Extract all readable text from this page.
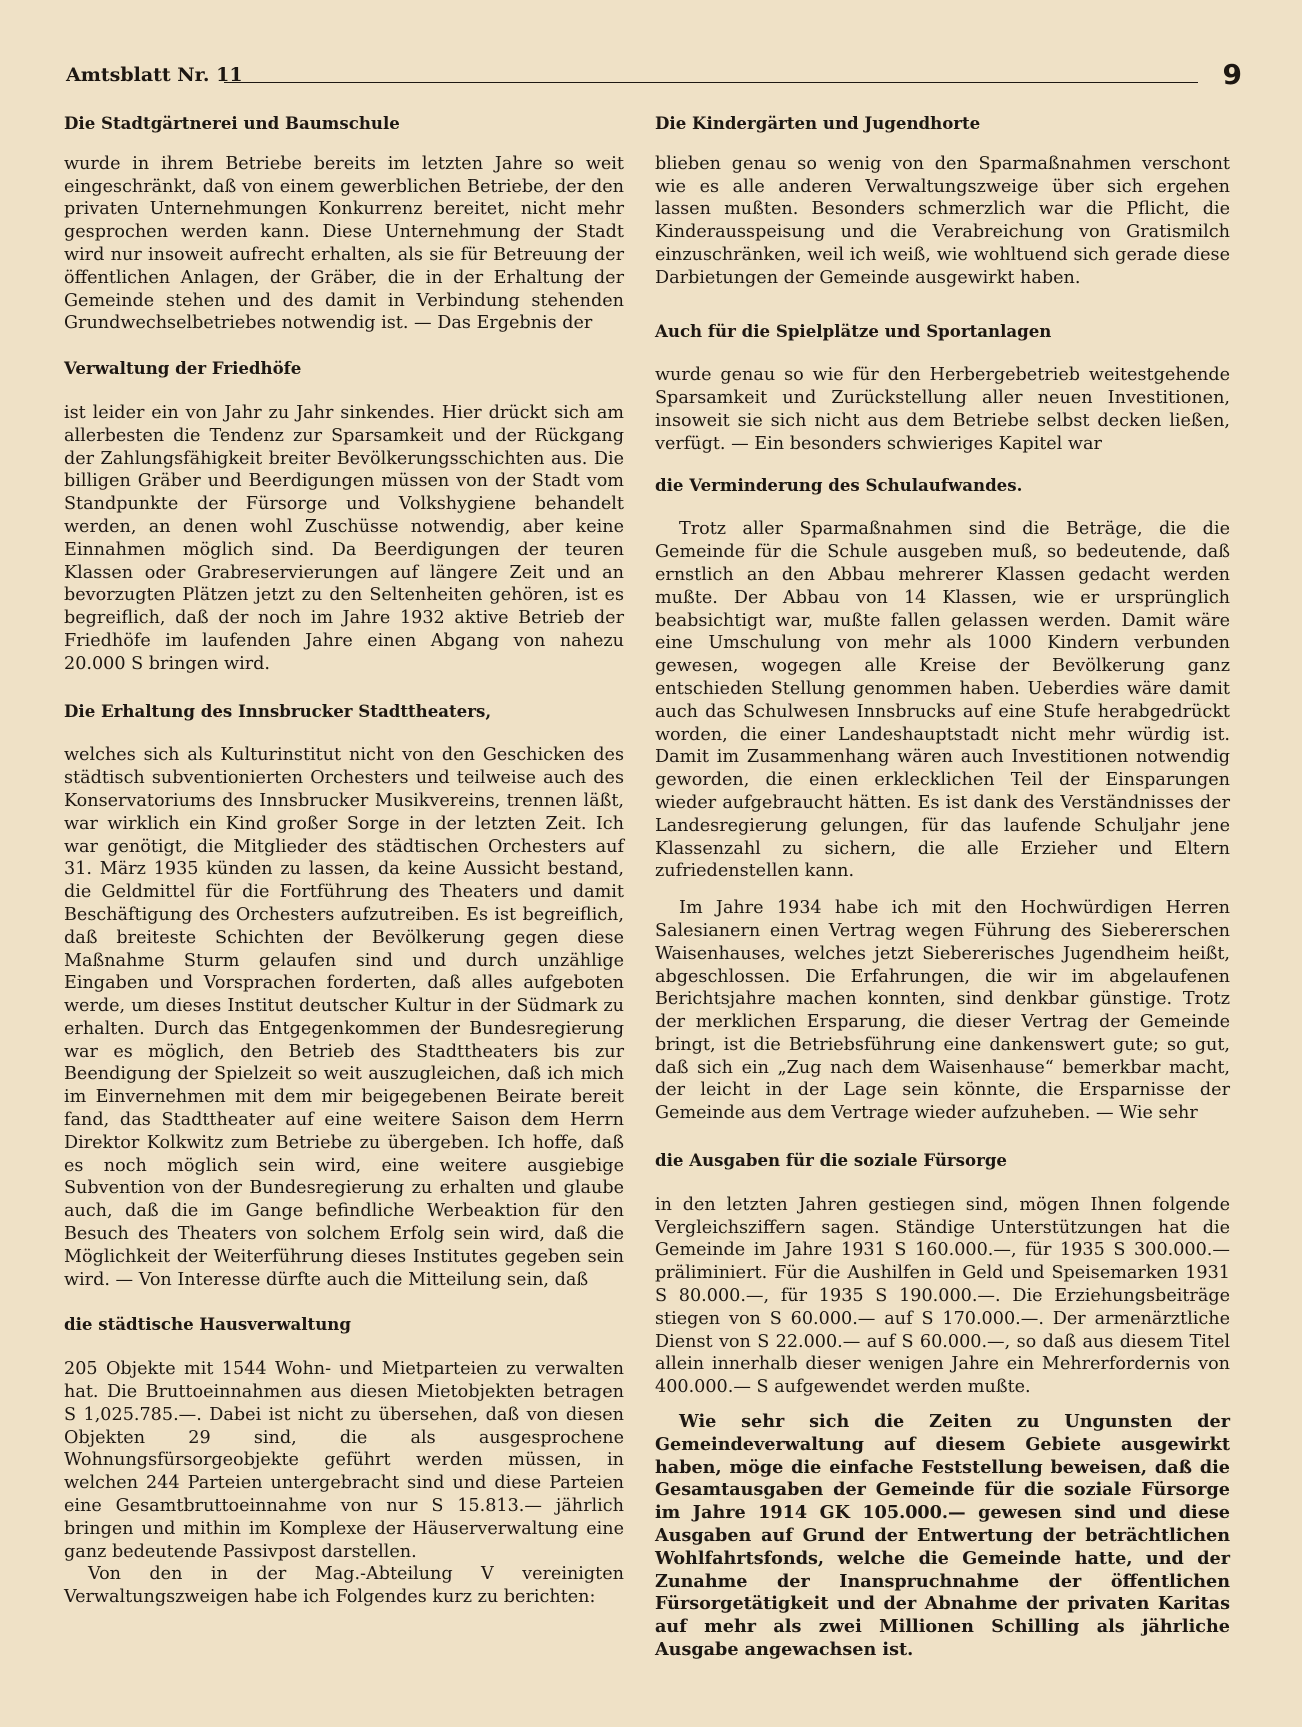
Amtsblatt Nr. 11	9

Die Stadtgärtnerei und Baumschule

wurde in ihrem Betriebe bereits im letzten Jahre so weit eingeschränkt, daß von einem gewerblichen Betriebe, der den privaten Unternehmungen Konkurrenz bereitet, nicht mehr gesprochen werden kann. Diese Unternehmung der Stadt wird nur insoweit aufrecht erhalten, als sie für Betreuung der öffentlichen Anlagen, der Gräber, die in der Erhaltung der Gemeinde stehen und des damit in Verbindung stehenden Grundwechselbetriebes notwendig ist. — Das Ergebnis der

Verwaltung der Friedhöfe

ist leider ein von Jahr zu Jahr sinkendes. Hier drückt sich am allerbesten die Tendenz zur Sparsamkeit und der Rückgang der Zahlungsfähigkeit breiter Bevölkerungsschichten aus. Die billigen Gräber und Beerdigungen müssen von der Stadt vom Standpunkte der Fürsorge und Volkshygiene behandelt werden, an denen wohl Zuschüsse notwendig, aber keine Einnahmen möglich sind. Da Beerdigungen der teuren Klassen oder Grabreservierungen auf längere Zeit und an bevorzugten Plätzen jetzt zu den Seltenheiten gehören, ist es begreiflich, daß der noch im Jahre 1932 aktive Betrieb der Friedhöfe im laufenden Jahre einen Abgang von nahezu 20.000 S bringen wird.

Die Erhaltung des Innsbrucker Stadttheaters,

welches sich als Kulturinstitut nicht von den Geschicken des städtisch subventionierten Orchesters und teilweise auch des Konservatoriums des Innsbrucker Musikvereins, trennen läßt, war wirklich ein Kind großer Sorge in der letzten Zeit. Ich war genötigt, die Mitglieder des städtischen Orchesters auf 31. März 1935 künden zu lassen, da keine Aussicht bestand, die Geldmittel für die Fortführung des Theaters und damit Beschäftigung des Orchesters aufzutreiben. Es ist begreiflich, daß breiteste Schichten der Bevölkerung gegen diese Maßnahme Sturm gelaufen sind und durch unzählige Eingaben und Vorsprachen forderten, daß alles aufgeboten werde, um dieses Institut deutscher Kultur in der Südmark zu erhalten. Durch das Entgegenkommen der Bundesregierung war es möglich, den Betrieb des Stadttheaters bis zur Beendigung der Spielzeit so weit auszugleichen, daß ich mich im Einvernehmen mit dem mir beigegebenen Beirate bereit fand, das Stadttheater auf eine weitere Saison dem Herrn Direktor Kolkwitz zum Betriebe zu übergeben. Ich hoffe, daß es noch möglich sein wird, eine weitere ausgiebige Subvention von der Bundesregierung zu erhalten und glaube auch, daß die im Gange befindliche Werbeaktion für den Besuch des Theaters von solchem Erfolg sein wird, daß die Möglichkeit der Weiterführung dieses Institutes gegeben sein wird. — Von Interesse dürfte auch die Mitteilung sein, daß

die städtische Hausverwaltung

205 Objekte mit 1544 Wohn- und Mietparteien zu verwalten hat. Die Bruttoeinnahmen aus diesen Mietobjekten betragen S 1,025.785.—. Dabei ist nicht zu übersehen, daß von diesen Objekten 29 sind, die als ausgesprochene Wohnungsfürsorgeobjekte geführt werden müssen, in welchen 244 Parteien untergebracht sind und diese Parteien eine Gesamtbruttoeinnahme von nur S 15.813.— jährlich bringen und mithin im Komplexe der Häuserverwaltung eine ganz bedeutende Passivpost darstellen.

Von den in der Mag.-Abteilung V vereinigten Verwaltungszweigen habe ich Folgendes kurz zu berichten:

Die Kindergärten und Jugendhorte

blieben genau so wenig von den Sparmaßnahmen verschont wie es alle anderen Verwaltungszweige über sich ergehen lassen mußten. Besonders schmerzlich war die Pflicht, die Kinderausspeisung und die Verabreichung von Gratismilch einzuschränken, weil ich weiß, wie wohltuend sich gerade diese Darbietungen der Gemeinde ausgewirkt haben.

Auch für die Spielplätze und Sportanlagen

wurde genau so wie für den Herbergebetrieb weitestgehende Sparsamkeit und Zurückstellung aller neuen Investitionen, insoweit sie sich nicht aus dem Betriebe selbst decken ließen, verfügt. — Ein besonders schwieriges Kapitel war

die Verminderung des Schulaufwandes.

Trotz aller Sparmaßnahmen sind die Beträge, die die Gemeinde für die Schule ausgeben muß, so bedeutende, daß ernstlich an den Abbau mehrerer Klassen gedacht werden mußte. Der Abbau von 14 Klassen, wie er ursprünglich beabsichtigt war, mußte fallen gelassen werden. Damit wäre eine Umschulung von mehr als 1000 Kindern verbunden gewesen, wogegen alle Kreise der Bevölkerung ganz entschieden Stellung genommen haben. Ueberdies wäre damit auch das Schulwesen Innsbrucks auf eine Stufe herabgedrückt worden, die einer Landeshauptstadt nicht mehr würdig ist. Damit im Zusammenhang wären auch Investitionen notwendig geworden, die einen erklecklichen Teil der Einsparungen wieder aufgebraucht hätten. Es ist dank des Verständnisses der Landesregierung gelungen, für das laufende Schuljahr jene Klassenzahl zu sichern, die alle Erzieher und Eltern zufriedenstellen kann.

Im Jahre 1934 habe ich mit den Hochwürdigen Herren Salesianern einen Vertrag wegen Führung des Siebererschen Waisenhauses, welches jetzt Siebererisches Jugendheim heißt, abgeschlossen. Die Erfahrungen, die wir im abgelaufenen Berichtsjahre machen konnten, sind denkbar günstige. Trotz der merklichen Ersparung, die dieser Vertrag der Gemeinde bringt, ist die Betriebsführung eine dankenswert gute; so gut, daß sich ein „Zug nach dem Waisenhause“ bemerkbar macht, der leicht in der Lage sein könnte, die Ersparnisse der Gemeinde aus dem Vertrage wieder aufzuheben. — Wie sehr

die Ausgaben für die soziale Fürsorge

in den letzten Jahren gestiegen sind, mögen Ihnen folgende Vergleichsziffern sagen. Ständige Unterstützungen hat die Gemeinde im Jahre 1931 S 160.000.—, für 1935 S 300.000.— präliminiert. Für die Aushilfen in Geld und Speisemarken 1931 S 80.000.—, für 1935 S 190.000.—. Die Erziehungsbeiträge stiegen von S 60.000.— auf S 170.000.—. Der armenärztliche Dienst von S 22.000.— auf S 60.000.—, so daß aus diesem Titel allein innerhalb dieser wenigen Jahre ein Mehrerfordernis von 400.000.— S aufgewendet werden mußte.

Wie sehr sich die Zeiten zu Ungunsten der Gemeindeverwaltung auf diesem Gebiete ausgewirkt haben, möge die einfache Feststellung beweisen, daß die Gesamtausgaben der Gemeinde für die soziale Fürsorge im Jahre 1914 GK 105.000.— gewesen sind und diese Ausgaben auf Grund der Entwertung der beträchtlichen Wohlfahrtsfonds, welche die Gemeinde hatte, und der Zunahme der Inanspruchnahme der öffentlichen Fürsorgetätigkeit und der Abnahme der privaten Karitas auf mehr als zwei Millionen Schilling als jährliche Ausgabe angewachsen ist.
